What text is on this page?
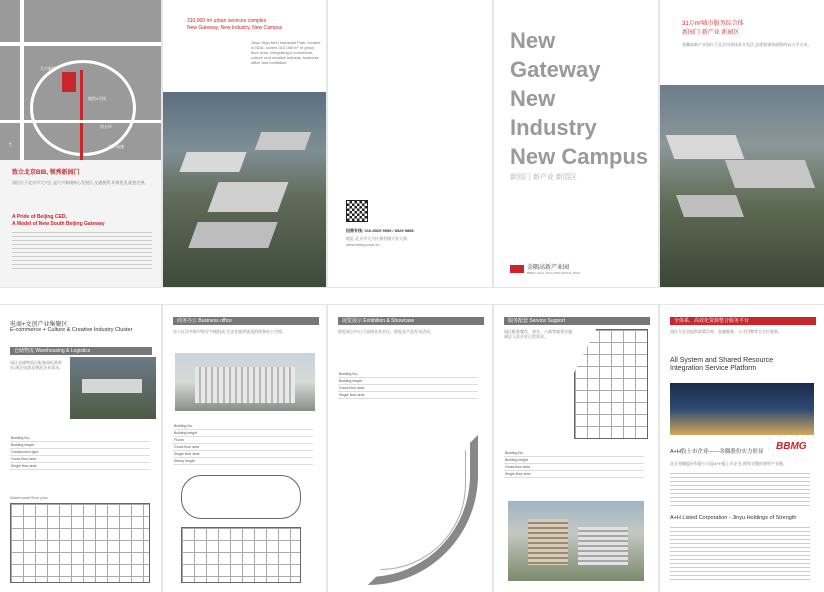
大兴新城
地铁4号线
南五环
京开高速
↑
致立北京BIB, 领秀新园门
园区位于北京市大兴区,是大兴新城核心发展区,交通便利,环境优美,配套完善。
A Pride of Beijing CED,
A Model of New South Beijing Gateway
310,000 m² urban services complex
New Gateway, New Industry, New Campus
Jinyu High-tech Industrial Park, located in BDA, covers 310,000 m² of gross floor area, integrating e-commerce, culture and creative industry, business office and exhibition.
招商专线: 010-8929 5959 / 8929 9898
地址:北京市大兴区黄村镇兴业大街
www.bbmg.com.cn
New
Gateway
New
Industry
New Campus
新园门 新产业 新园区
金隅高新产业园
BBMG HIGH-TECH INDUSTRIAL PARK
31万m²城市服务综合体
新园门 新产业 新园区
金隅高新产业园位于北京经济技术开发区,总规划建筑面积约31万平方米。
电商+文创产业集聚区
E-commerce + Culture & Creative Industry Cluster
仓储物流 Warehousing & Logistics
园区仓储物流区配备高标准库房,满足电商及物流企业需求。
Building No.			
Building height			
Construction type			
Gross floor area			
Single floor area			
Warehouse floor plan
商务办公 Business office
办公区由多栋甲级写字楼组成,为企业提供优质的商务办公空间。
Building No.		
Building height		
Floors		
Gross floor area		
Single floor area		
Storey height		
展览展示 Exhibition & Showcase
展览展示中心可承接各类会议、展览及产品发布活动。
Building No.			
Building height			
Gross floor area			
Single floor area			
服务配套 Service Support
园区配套餐饮、商业、公寓等服务设施,满足入驻企业日常需求。
Building No.		
Building height		
Gross floor area		
Single floor area		
全体系、高效化资源整合服务平台
园区为企业提供政策咨询、金融服务、人才招聘等全方位服务。
All System and Shared Resource
Integration Service Platform
A+H股上市企业——金隅股份实力彰显 BBMG
北京金隅股份有限公司是A+H股上市企业,拥有完整的建材产业链。
A+H Listed Corporation - Jinyu Holdings of Strength
